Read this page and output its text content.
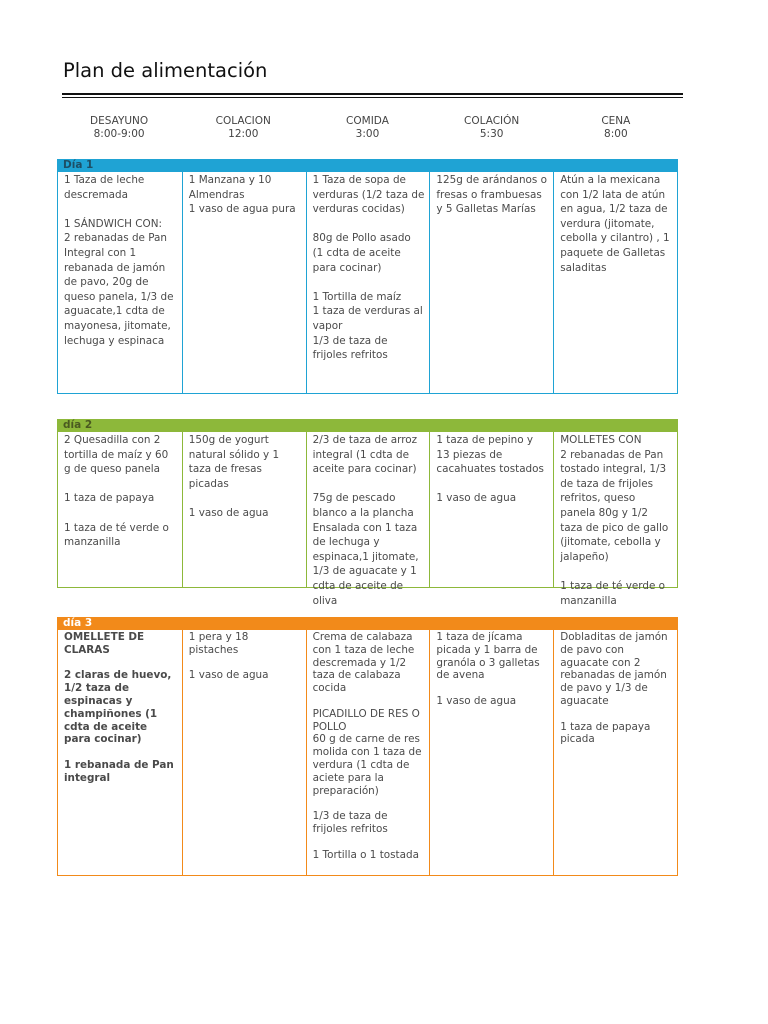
Plan de alimentación
DESAYUNO
8:00-9:00
COLACION
12:00
COMIDA
3:00
COLACIÓN
5:30
CENA
8:00
Día 1

1 Taza de leche descremada

1 SÁNDWICH CON:
2 rebanadas de Pan Integral con 1 rebanada de jamón de pavo, 20g de queso panela, 1/3 de aguacate,1 cdta de mayonesa, jitomate, lechuga y espinaca

1 Manzana y 10 Almendras
1 vaso de agua pura

1 Taza de sopa de verduras (1/2 taza de verduras cocidas)

80g de Pollo asado (1 cdta de aceite para cocinar)

1 Tortilla de maíz
1 taza de verduras al vapor
1/3 de taza de frijoles refritos

125g de arándanos o fresas o frambuesas y 5 Galletas Marías

Atún a la mexicana con 1/2 lata de atún en agua, 1/2 taza de verdura (jitomate, cebolla y cilantro) , 1 paquete de Galletas saladitas

día 2

2 Quesadilla con 2 tortilla de maíz y 60 g de queso panela

1 taza de papaya

1 taza de té verde o manzanilla

150g de yogurt natural sólido y 1 taza de fresas picadas

1 vaso de agua

2/3 de taza de arroz integral (1 cdta de aceite para cocinar)

75g de pescado blanco a la plancha Ensalada con 1 taza de lechuga y espinaca,1 jitomate, 1/3 de aguacate y 1 cdta de aceite de oliva

1 taza de pepino y 13 piezas de cacahuates tostados

1 vaso de agua

MOLLETES CON
2 rebanadas de Pan tostado integral, 1/3 de taza de frijoles refritos, queso panela 80g y 1/2 taza de pico de gallo (jitomate, cebolla y jalapeño)

1 taza de té verde o manzanilla

día 3

OMELLETE DE CLARAS

2 claras de huevo, 1/2 taza de espinacas y champiñones (1 cdta de aceite para cocinar)

1 rebanada de Pan integral

1 pera y 18 pistaches

1 vaso de agua

Crema de calabaza con 1 taza de leche descremada y 1/2 taza de calabaza cocida

PICADILLO DE RES O POLLO
60 g de carne de res molida con 1 taza de verdura (1 cdta de aciete para la preparación)

1/3 de taza de frijoles refritos

1 Tortilla o 1 tostada

1 taza de jícama picada y 1 barra de granóla o 3 galletas de avena

1 vaso de agua

Dobladitas de jamón de pavo con aguacate con 2 rebanadas de jamón de pavo y 1/3 de aguacate

1 taza de papaya picada
